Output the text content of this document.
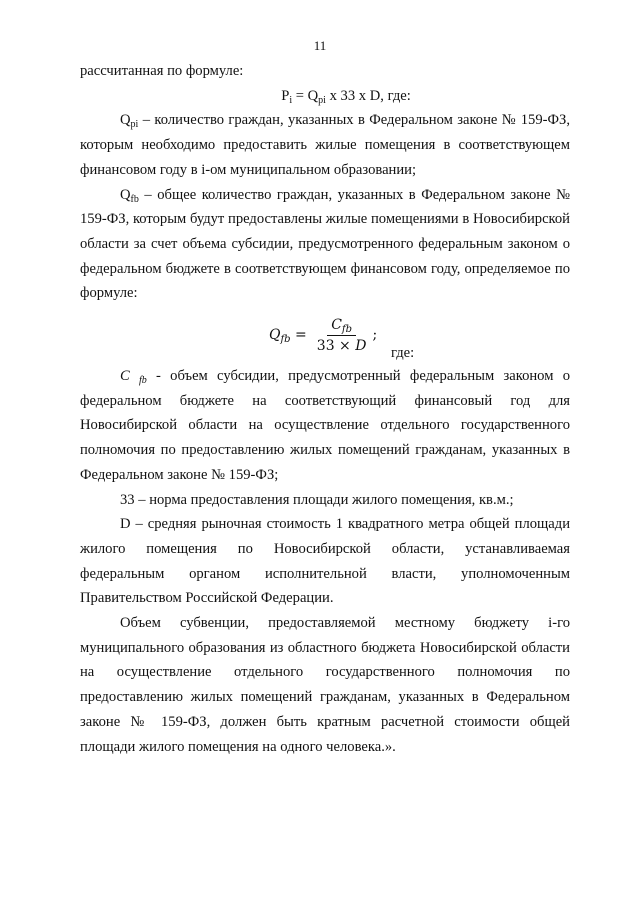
11

рассчитанная по формуле:

$P_i = Q_{pi}$ x 33 x D, где:

$Q_{pi}$ – количество граждан, указанных в Федеральном законе № 159-ФЗ, которым необходимо предоставить жилые помещения в соответствующем финансовом году в i-ом муниципальном образовании;

$Q_{fb}$ – общее количество граждан, указанных в Федеральном законе № 159-ФЗ, которым будут предоставлены жилые помещениями в Новосибирской области за счет объема субсидии, предусмотренного федеральным законом о федеральном бюджете в соответствующем финансовом году, определяемое по формуле:

$Q_{fb} = \frac{C_{fb}}{33 \times D}$ ;
где:

C $_{fb}$ - объем субсидии, предусмотренный федеральным законом о федеральном бюджете на соответствующий финансовый год для Новосибирской области на осуществление отдельного государственного полномочия по предоставлению жилых помещений гражданам, указанных в Федеральном законе № 159-ФЗ;

33 – норма предоставления площади жилого помещения, кв.м.;

D – средняя рыночная стоимость 1 квадратного метра общей площади жилого помещения по Новосибирской области, устанавливаемая федеральным органом исполнительной власти, уполномоченным Правительством Российской Федерации.

Объем субвенции, предоставляемой местному бюджету i-го муниципального образования из областного бюджета Новосибирской области на осуществление отдельного государственного полномочия по предоставлению жилых помещений гражданам, указанных в Федеральном законе № 159-ФЗ, должен быть кратным расчетной стоимости общей площади жилого помещения на одного человека.».
